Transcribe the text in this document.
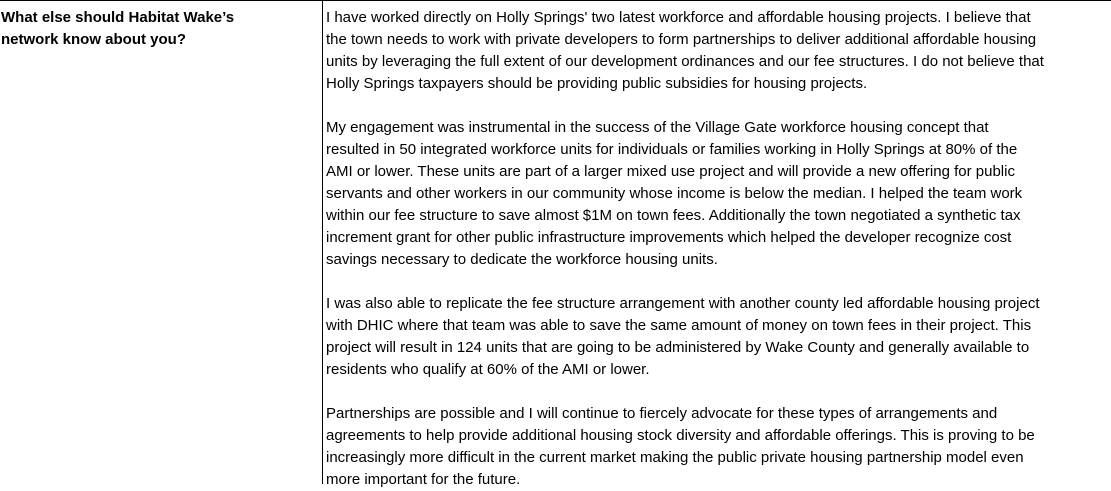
What else should Habitat Wake’s
network know about you?
I have worked directly on Holly Springs' two latest workforce and affordable housing projects. I believe that
the town needs to work with private developers to form partnerships to deliver additional affordable housing
units by leveraging the full extent of our development ordinances and our fee structures. I do not believe that
Holly Springs taxpayers should be providing public subsidies for housing projects.
My engagement was instrumental in the success of the Village Gate workforce housing concept that
resulted in 50 integrated workforce units for individuals or families working in Holly Springs at 80% of the
AMI or lower. These units are part of a larger mixed use project and will provide a new offering for public
servants and other workers in our community whose income is below the median. I helped the team work
within our fee structure to save almost $1M on town fees. Additionally the town negotiated a synthetic tax
increment grant for other public infrastructure improvements which helped the developer recognize cost
savings necessary to dedicate the workforce housing units.
I was also able to replicate the fee structure arrangement with another county led affordable housing project
with DHIC where that team was able to save the same amount of money on town fees in their project. This
project will result in 124 units that are going to be administered by Wake County and generally available to
residents who qualify at 60% of the AMI or lower.
Partnerships are possible and I will continue to fiercely advocate for these types of arrangements and
agreements to help provide additional housing stock diversity and affordable offerings. This is proving to be
increasingly more difficult in the current market making the public private housing partnership model even
more important for the future.
